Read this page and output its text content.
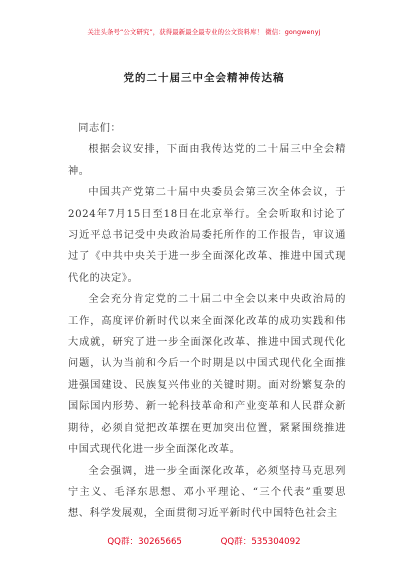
关注头条号“公文研究”，获得最新最全最专业的公文资料库！ 微信：gongwenyj
党的二十届三中全会精神传达稿

同志们：

根据会议安排，下面由我传达党的二十届三中全会精神。

中国共产党第二十届中央委员会第三次全体会议，于2024年7月15日至18日在北京举行。全会听取和讨论了习近平总书记受中央政治局委托所作的工作报告，审议通过了《中共中央关于进一步全面深化改革、推进中国式现代化的决定》。

全会充分肯定党的二十届二中全会以来中央政治局的工作，高度评价新时代以来全面深化改革的成功实践和伟大成就，研究了进一步全面深化改革、推进中国式现代化问题，认为当前和今后一个时期是以中国式现代化全面推进强国建设、民族复兴伟业的关键时期。面对纷繁复杂的国际国内形势、新一轮科技革命和产业变革和人民群众新期待，必须自觉把改革摆在更加突出位置，紧紧围绕推进中国式现代化进一步全面深化改革。

全会强调，进一步全面深化改革，必须坚持马克思列宁主义、毛泽东思想、邓小平理论、“三个代表”重要思想、科学发展观，全面贯彻习近平新时代中国特色社会主

QQ群：30265665	QQ群：535304092
